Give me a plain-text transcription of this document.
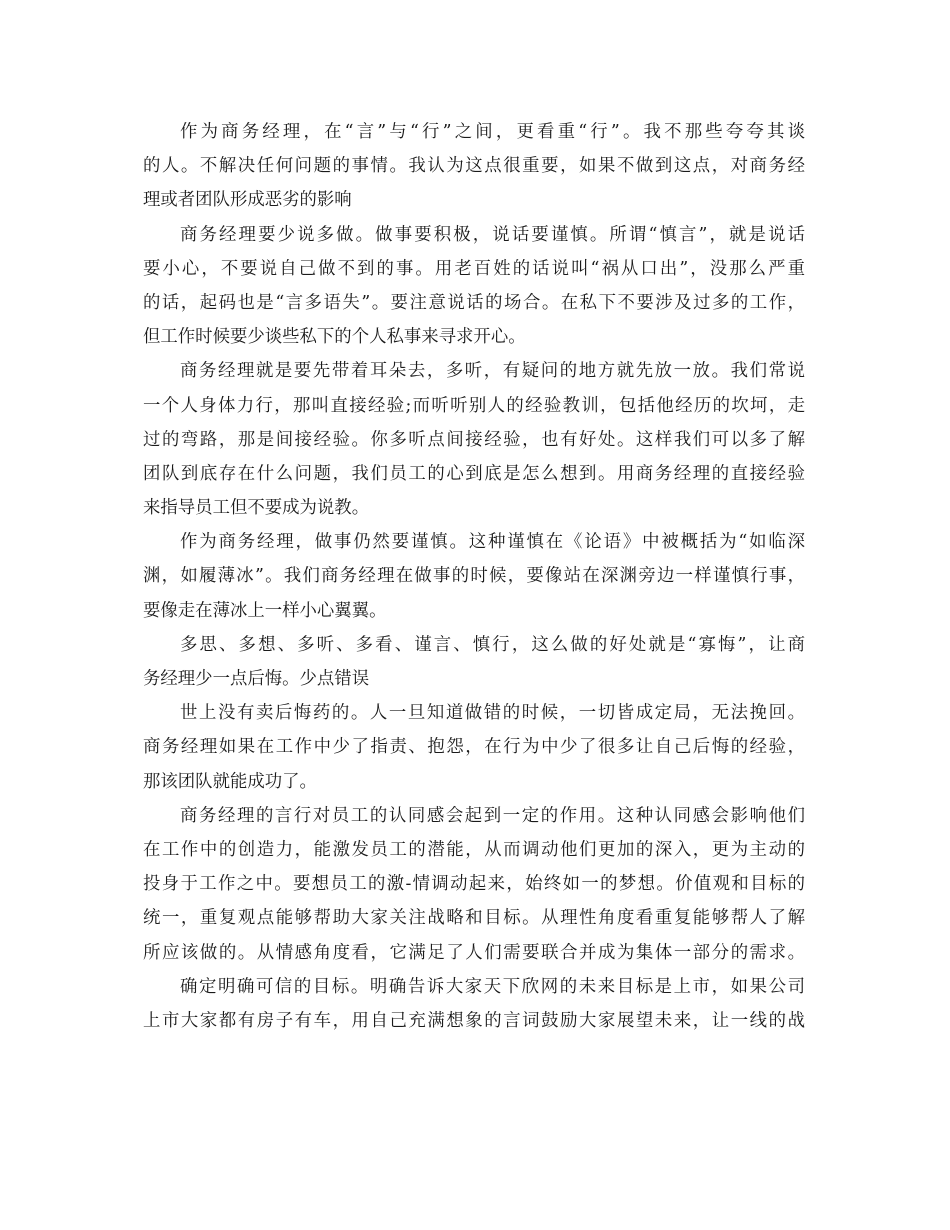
作为商务经理，在“言”与“行”之间，更看重“行”。我不那些夸夸其谈
的人。不解决任何问题的事情。我认为这点很重要，如果不做到这点，对商务经
理或者团队形成恶劣的影响
商务经理要少说多做。做事要积极，说话要谨慎。所谓“慎言”，就是说话
要小心，不要说自己做不到的事。用老百姓的话说叫“祸从口出”，没那么严重
的话，起码也是“言多语失”。要注意说话的场合。在私下不要涉及过多的工作，
但工作时候要少谈些私下的个人私事来寻求开心。
商务经理就是要先带着耳朵去，多听，有疑问的地方就先放一放。我们常说
一个人身体力行，那叫直接经验;而听听别人的经验教训，包括他经历的坎坷，走
过的弯路，那是间接经验。你多听点间接经验，也有好处。这样我们可以多了解
团队到底存在什么问题，我们员工的心到底是怎么想到。用商务经理的直接经验
来指导员工但不要成为说教。
作为商务经理，做事仍然要谨慎。这种谨慎在《论语》中被概括为“如临深
渊，如履薄冰”。我们商务经理在做事的时候，要像站在深渊旁边一样谨慎行事，
要像走在薄冰上一样小心翼翼。
多思、多想、多听、多看、谨言、慎行，这么做的好处就是“寡悔”，让商
务经理少一点后悔。少点错误
世上没有卖后悔药的。人一旦知道做错的时候，一切皆成定局，无法挽回。
商务经理如果在工作中少了指责、抱怨，在行为中少了很多让自己后悔的经验，
那该团队就能成功了。
商务经理的言行对员工的认同感会起到一定的作用。这种认同感会影响他们
在工作中的创造力，能激发员工的潜能，从而调动他们更加的深入，更为主动的
投身于工作之中。要想员工的激-情调动起来，始终如一的梦想。价值观和目标的
统一，重复观点能够帮助大家关注战略和目标。从理性角度看重复能够帮人了解
所应该做的。从情感角度看，它满足了人们需要联合并成为集体一部分的需求。
确定明确可信的目标。明确告诉大家天下欣网的未来目标是上市，如果公司
上市大家都有房子有车，用自己充满想象的言词鼓励大家展望未来，让一线的战
